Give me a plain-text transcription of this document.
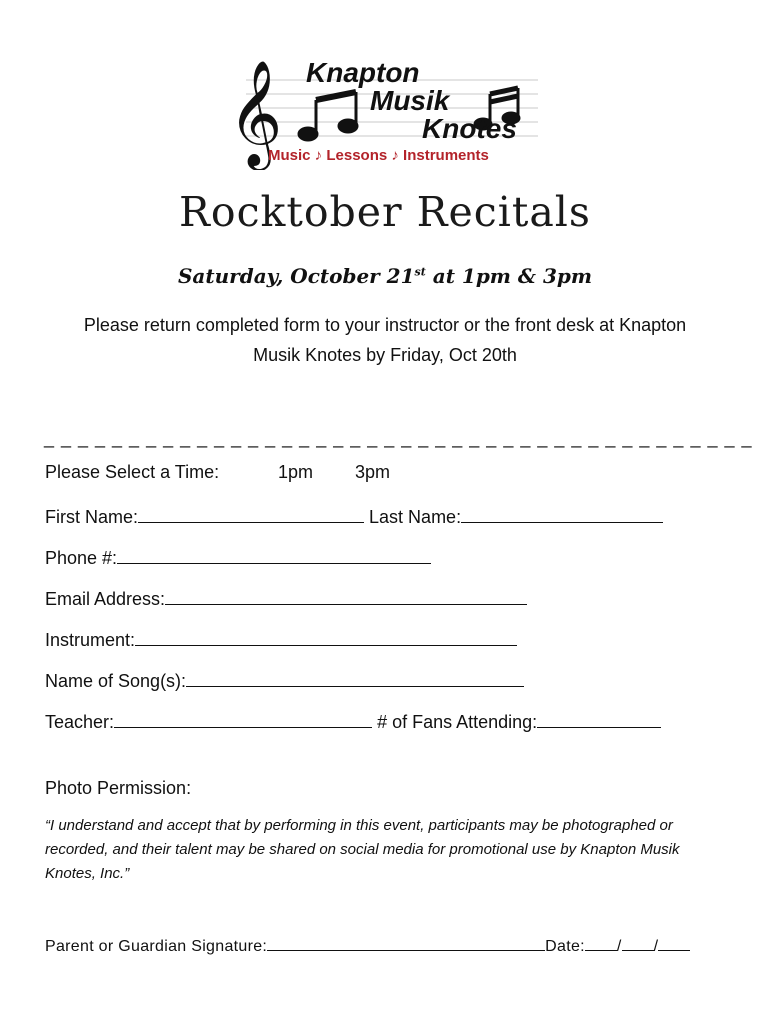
𝄞 Knapton
Musik
Knotes
Music ♪ Lessons ♪ Instruments
Rocktober Recitals
Saturday, October 21st at 1pm & 3pm
Please return completed form to your instructor or the front desk at Knapton Musik Knotes by Friday, Oct 20th
_ _ _ _ _ _ _ _ _ _ _ _ _ _ _ _ _ _ _ _ _ _ _ _ _ _ _ _ _ _ _ _ _ _ _ _ _ _ _ _ _ _
Please Select a Time:	1pm 3pm
First Name:	Last Name:
Phone #:
Email Address:
Instrument:
Name of Song(s):
Teacher:	# of Fans Attending:
Photo Permission:
“I understand and accept that by performing in this event, participants may be photographed or recorded, and their talent may be shared on social media for promotional use by Knapton Musik Knotes, Inc.”
Parent or Guardian Signature:	Date: / /
